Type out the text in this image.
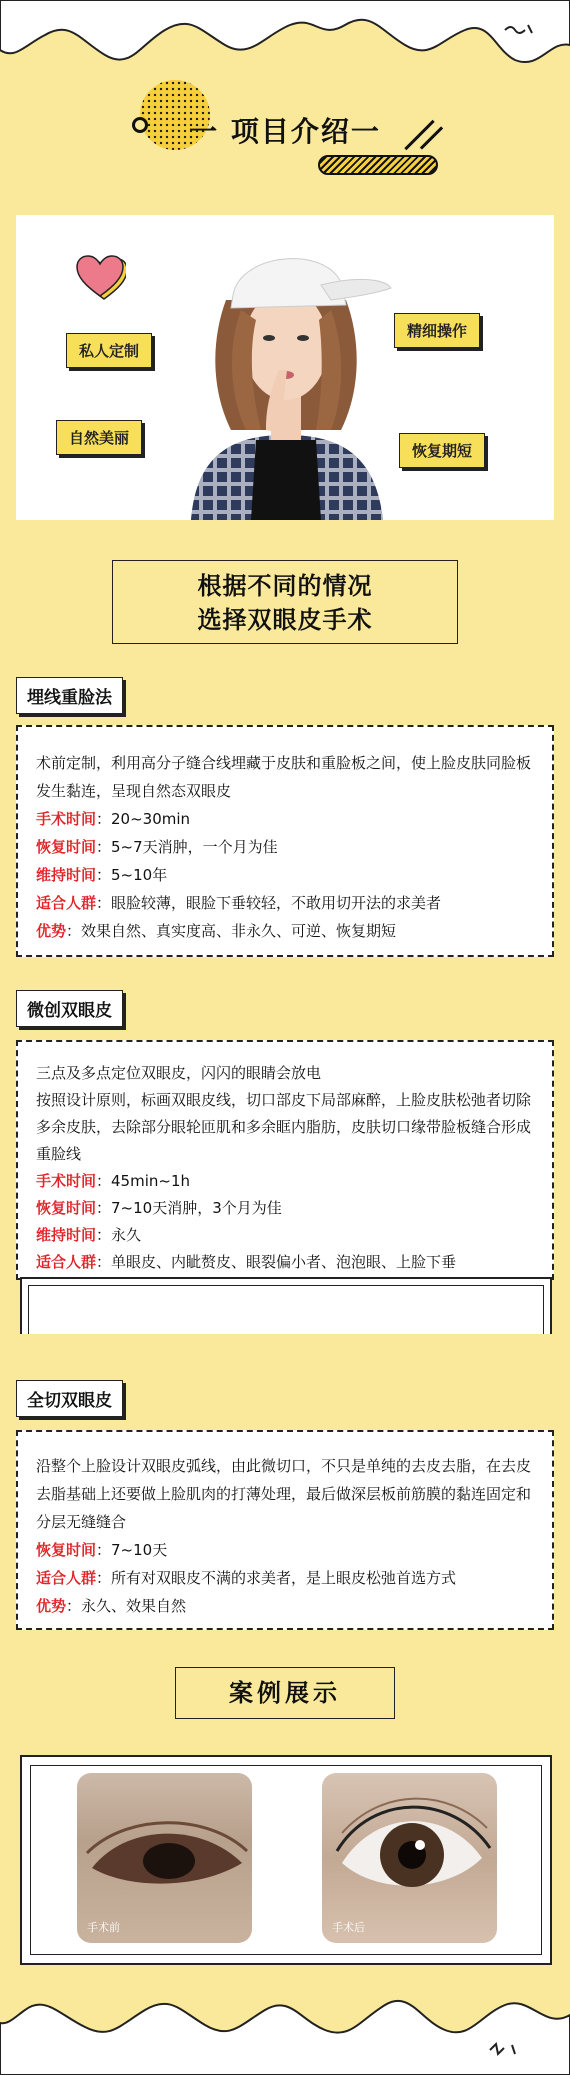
一 项目介绍一
私人定制
自然美丽
精细操作
恢复期短
根据不同的情况
选择双眼皮手术
埋线重脸法
术前定制，利用高分子缝合线埋藏于皮肤和重脸板之间，使上脸皮肤同脸板发生黏连，呈现自然态双眼皮
手术时间：20~30min
恢复时间：5~7天消肿，一个月为佳
维持时间：5~10年
适合人群：眼脸较薄，眼脸下垂较轻，不敢用切开法的求美者
优势：效果自然、真实度高、非永久、可逆、恢复期短
微创双眼皮
三点及多点定位双眼皮，闪闪的眼睛会放电
按照设计原则，标画双眼皮线，切口部皮下局部麻醉，上脸皮肤松弛者切除多余皮肤，去除部分眼轮匝肌和多余眶内脂肪，皮肤切口缘带脸板缝合形成重脸线
手术时间：45min~1h
恢复时间：7~10天消肿，3个月为佳
维持时间：永久
适合人群：单眼皮、内眦赘皮、眼裂偏小者、泡泡眼、上脸下垂
全切双眼皮
沿整个上脸设计双眼皮弧线，由此微切口，不只是单纯的去皮去脂，在去皮去脂基础上还要做上脸肌肉的打薄处理，最后做深层板前筋膜的黏连固定和分层无缝缝合
恢复时间：7~10天
适合人群：所有对双眼皮不满的求美者，是上眼皮松弛首选方式
优势：永久、效果自然
案例展示
手术前	手术后
